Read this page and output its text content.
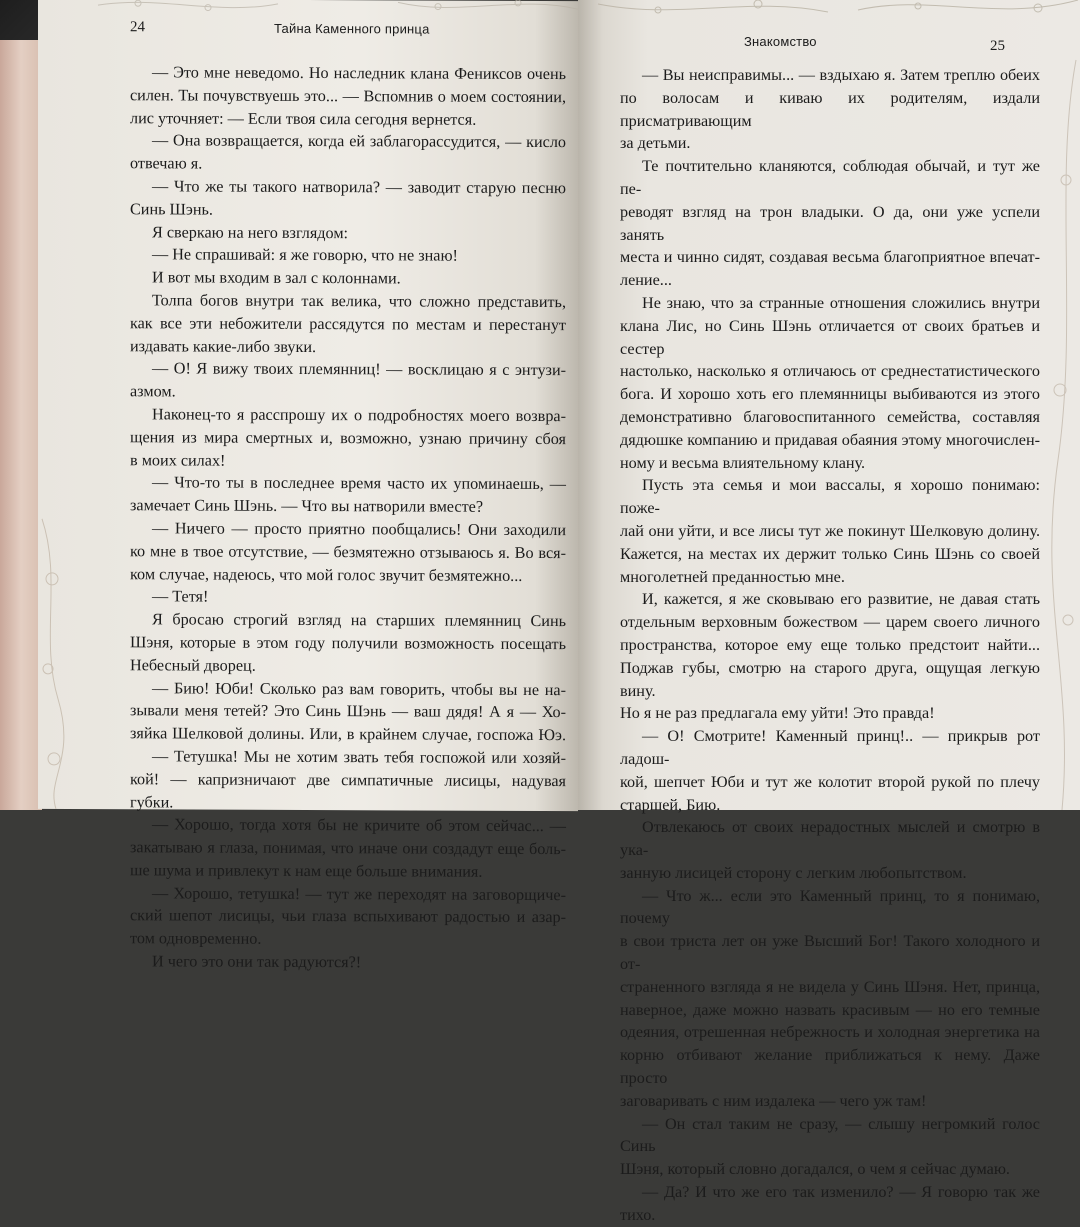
24	Тайна Каменного принца
— Это мне неведомо. Но наследник клана Фениксов очень
силен. Ты почувствуешь это... — Вспомнив о моем состоянии,
лис уточняет: — Если твоя сила сегодня вернется.
— Она возвращается, когда ей заблагорассудится, — кисло
отвечаю я.
— Что же ты такого натворила? — заводит старую песню
Синь Шэнь.
Я сверкаю на него взглядом:
— Не спрашивай: я же говорю, что не знаю!
И вот мы входим в зал с колоннами.
Толпа богов внутри так велика, что сложно представить,
как все эти небожители рассядутся по местам и перестанут
издавать какие-либо звуки.
— О! Я вижу твоих племянниц! — восклицаю я с энтузи-
азмом.
Наконец-то я расспрошу их о подробностях моего возвра-
щения из мира смертных и, возможно, узнаю причину сбоя
в моих силах!
— Что-то ты в последнее время часто их упоминаешь, —
замечает Синь Шэнь. — Что вы натворили вместе?
— Ничего — просто приятно пообщались! Они заходили
ко мне в твое отсутствие, — безмятежно отзываюсь я. Во вся-
ком случае, надеюсь, что мой голос звучит безмятежно...
— Тетя!
Я бросаю строгий взгляд на старших племянниц Синь
Шэня, которые в этом году получили возможность посещать
Небесный дворец.
— Бию! Юби! Сколько раз вам говорить, чтобы вы не на-
зывали меня тетей? Это Синь Шэнь — ваш дядя! А я — Хо-
зяйка Шелковой долины. Или, в крайнем случае, госпожа Юэ.
— Тетушка! Мы не хотим звать тебя госпожой или хозяй-
кой! — капризничают две симпатичные лисицы, надувая губки.
— Хорошо, тогда хотя бы не кричите об этом сейчас... —
закатываю я глаза, понимая, что иначе они создадут еще боль-
ше шума и привлекут к нам еще больше внимания.
— Хорошо, тетушка! — тут же переходят на заговорщиче-
ский шепот лисицы, чьи глаза вспыхивают радостью и азар-
том одновременно.
И чего это они так радуются?!
Знакомство	25
— Вы неисправимы... — вздыхаю я. Затем треплю обеих
по волосам и киваю их родителям, издали присматривающим
за детьми.
Те почтительно кланяются, соблюдая обычай, и тут же пе-
реводят взгляд на трон владыки. О да, они уже успели занять
места и чинно сидят, создавая весьма благоприятное впечат-
ление...
Не знаю, что за странные отношения сложились внутри
клана Лис, но Синь Шэнь отличается от своих братьев и сестер
настолько, насколько я отличаюсь от среднестатистического
бога. И хорошо хоть его племянницы выбиваются из этого
демонстративно благовоспитанного семейства, составляя
дядюшке компанию и придавая обаяния этому многочислен-
ному и весьма влиятельному клану.
Пусть эта семья и мои вассалы, я хорошо понимаю: поже-
лай они уйти, и все лисы тут же покинут Шелковую долину.
Кажется, на местах их держит только Синь Шэнь со своей
многолетней преданностью мне.
И, кажется, я же сковываю его развитие, не давая стать
отдельным верховным божеством — царем своего личного
пространства, которое ему еще только предстоит найти...
Поджав губы, смотрю на старого друга, ощущая легкую вину.
Но я не раз предлагала ему уйти! Это правда!
— О! Смотрите! Каменный принц!.. — прикрыв рот ладош-
кой, шепчет Юби и тут же колотит второй рукой по плечу
старшей, Бию.
Отвлекаюсь от своих нерадостных мыслей и смотрю в ука-
занную лисицей сторону с легким любопытством.
— Что ж... если это Каменный принц, то я понимаю, почему
в свои триста лет он уже Высший Бог! Такого холодного и от-
страненного взгляда я не видела у Синь Шэня. Нет, принца,
наверное, даже можно назвать красивым — но его темные
одеяния, отрешенная небрежность и холодная энергетика на
корню отбивают желание приближаться к нему. Даже просто
заговаривать с ним издалека — чего уж там!
— Он стал таким не сразу, — слышу негромкий голос Синь
Шэня, который словно догадался, о чем я сейчас думаю.
— Да? И что же его так изменило? — Я говорю так же
тихо.
